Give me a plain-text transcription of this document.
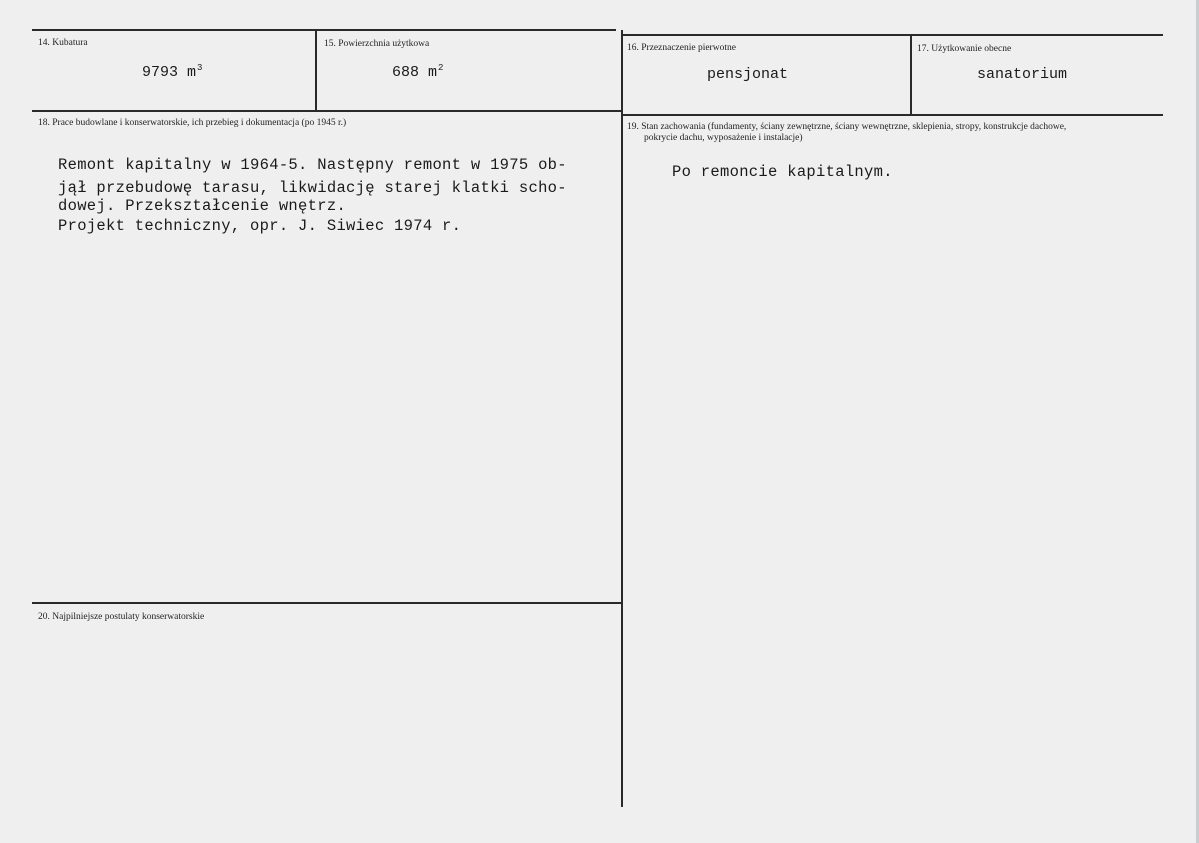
14. Kubatura
9793 $m^3$
15. Powierzchnia użytkowa
688 $m^2$
16. Przeznaczenie pierwotne
pensjonat
17. Użytkowanie obecne
sanatorium
18. Prace budowlane i konserwatorskie, ich przebieg i dokumentacja (po 1945 r.)
Remont kapitalny w 1964-5. Następny remont w 1975 ob-
jął przebudowę tarasu, likwidację starej klatki scho-
dowej. Przekształcenie wnętrz.
Projekt techniczny, opr. J. Siwiec 1974 r.
19. Stan zachowania (fundamenty, ściany zewnętrzne, ściany wewnętrzne, sklepienia, stropy, konstrukcje dachowe,
pokrycie dachu, wyposażenie i instalacje)
Po remoncie kapitalnym.
20. Najpilniejsze postulaty konserwatorskie
